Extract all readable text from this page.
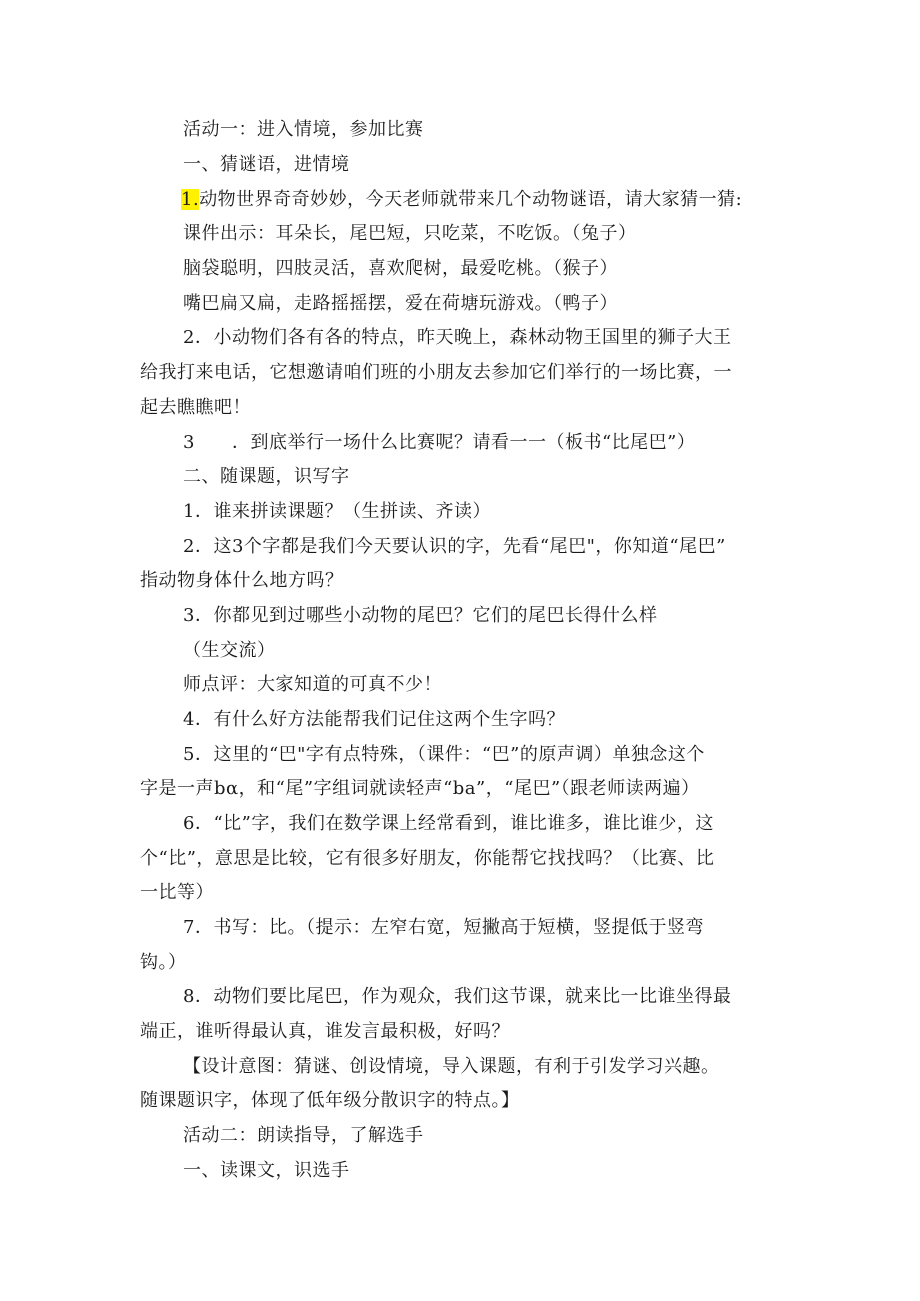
活动一：进入情境，参加比赛
一、猜谜语，进情境
1.动物世界奇奇妙妙，今天老师就带来几个动物谜语，请大家猜一猜:
课件出示：耳朵长，尾巴短，只吃菜，不吃饭。（兔子）
脑袋聪明，四肢灵活，喜欢爬树，最爱吃桃。（猴子）
嘴巴扁又扁，走路摇摇摆，爱在荷塘玩游戏。（鸭子）
2．小动物们各有各的特点，昨天晚上，森林动物王国里的狮子大王
给我打来电话，它想邀请咱们班的小朋友去参加它们举行的一场比赛，一
起去瞧瞧吧！
3　　．到底举行一场什么比赛呢？请看一一（板书“比尾巴”）
二、随课题，识写字
1．谁来拼读课题？（生拼读、齐读）
2．这3个字都是我们今天要认识的字，先看“尾巴"，你知道“尾巴”
指动物身体什么地方吗？
3．你都见到过哪些小动物的尾巴？它们的尾巴长得什么样
（生交流）
师点评：大家知道的可真不少！
4．有什么好方法能帮我们记住这两个生字吗？
5．这里的“巴"字有点特殊，（课件：“巴”的原声调）单独念这个
字是一声bα，和“尾”字组词就读轻声“ba”，“尾巴”（跟老师读两遍）
6．“比”字，我们在数学课上经常看到，谁比谁多，谁比谁少，这
个“比”，意思是比较，它有很多好朋友，你能帮它找找吗？（比赛、比
一比等）
7．书写：比。（提示：左窄右宽，短撇高于短横，竖提低于竖弯
钩。）
8．动物们要比尾巴，作为观众，我们这节课，就来比一比谁坐得最
端正，谁听得最认真，谁发言最积极，好吗？
【设计意图：猜谜、创设情境，导入课题，有利于引发学习兴趣。
随课题识字，体现了低年级分散识字的特点。】
活动二：朗读指导，了解选手
一、读课文，识选手
